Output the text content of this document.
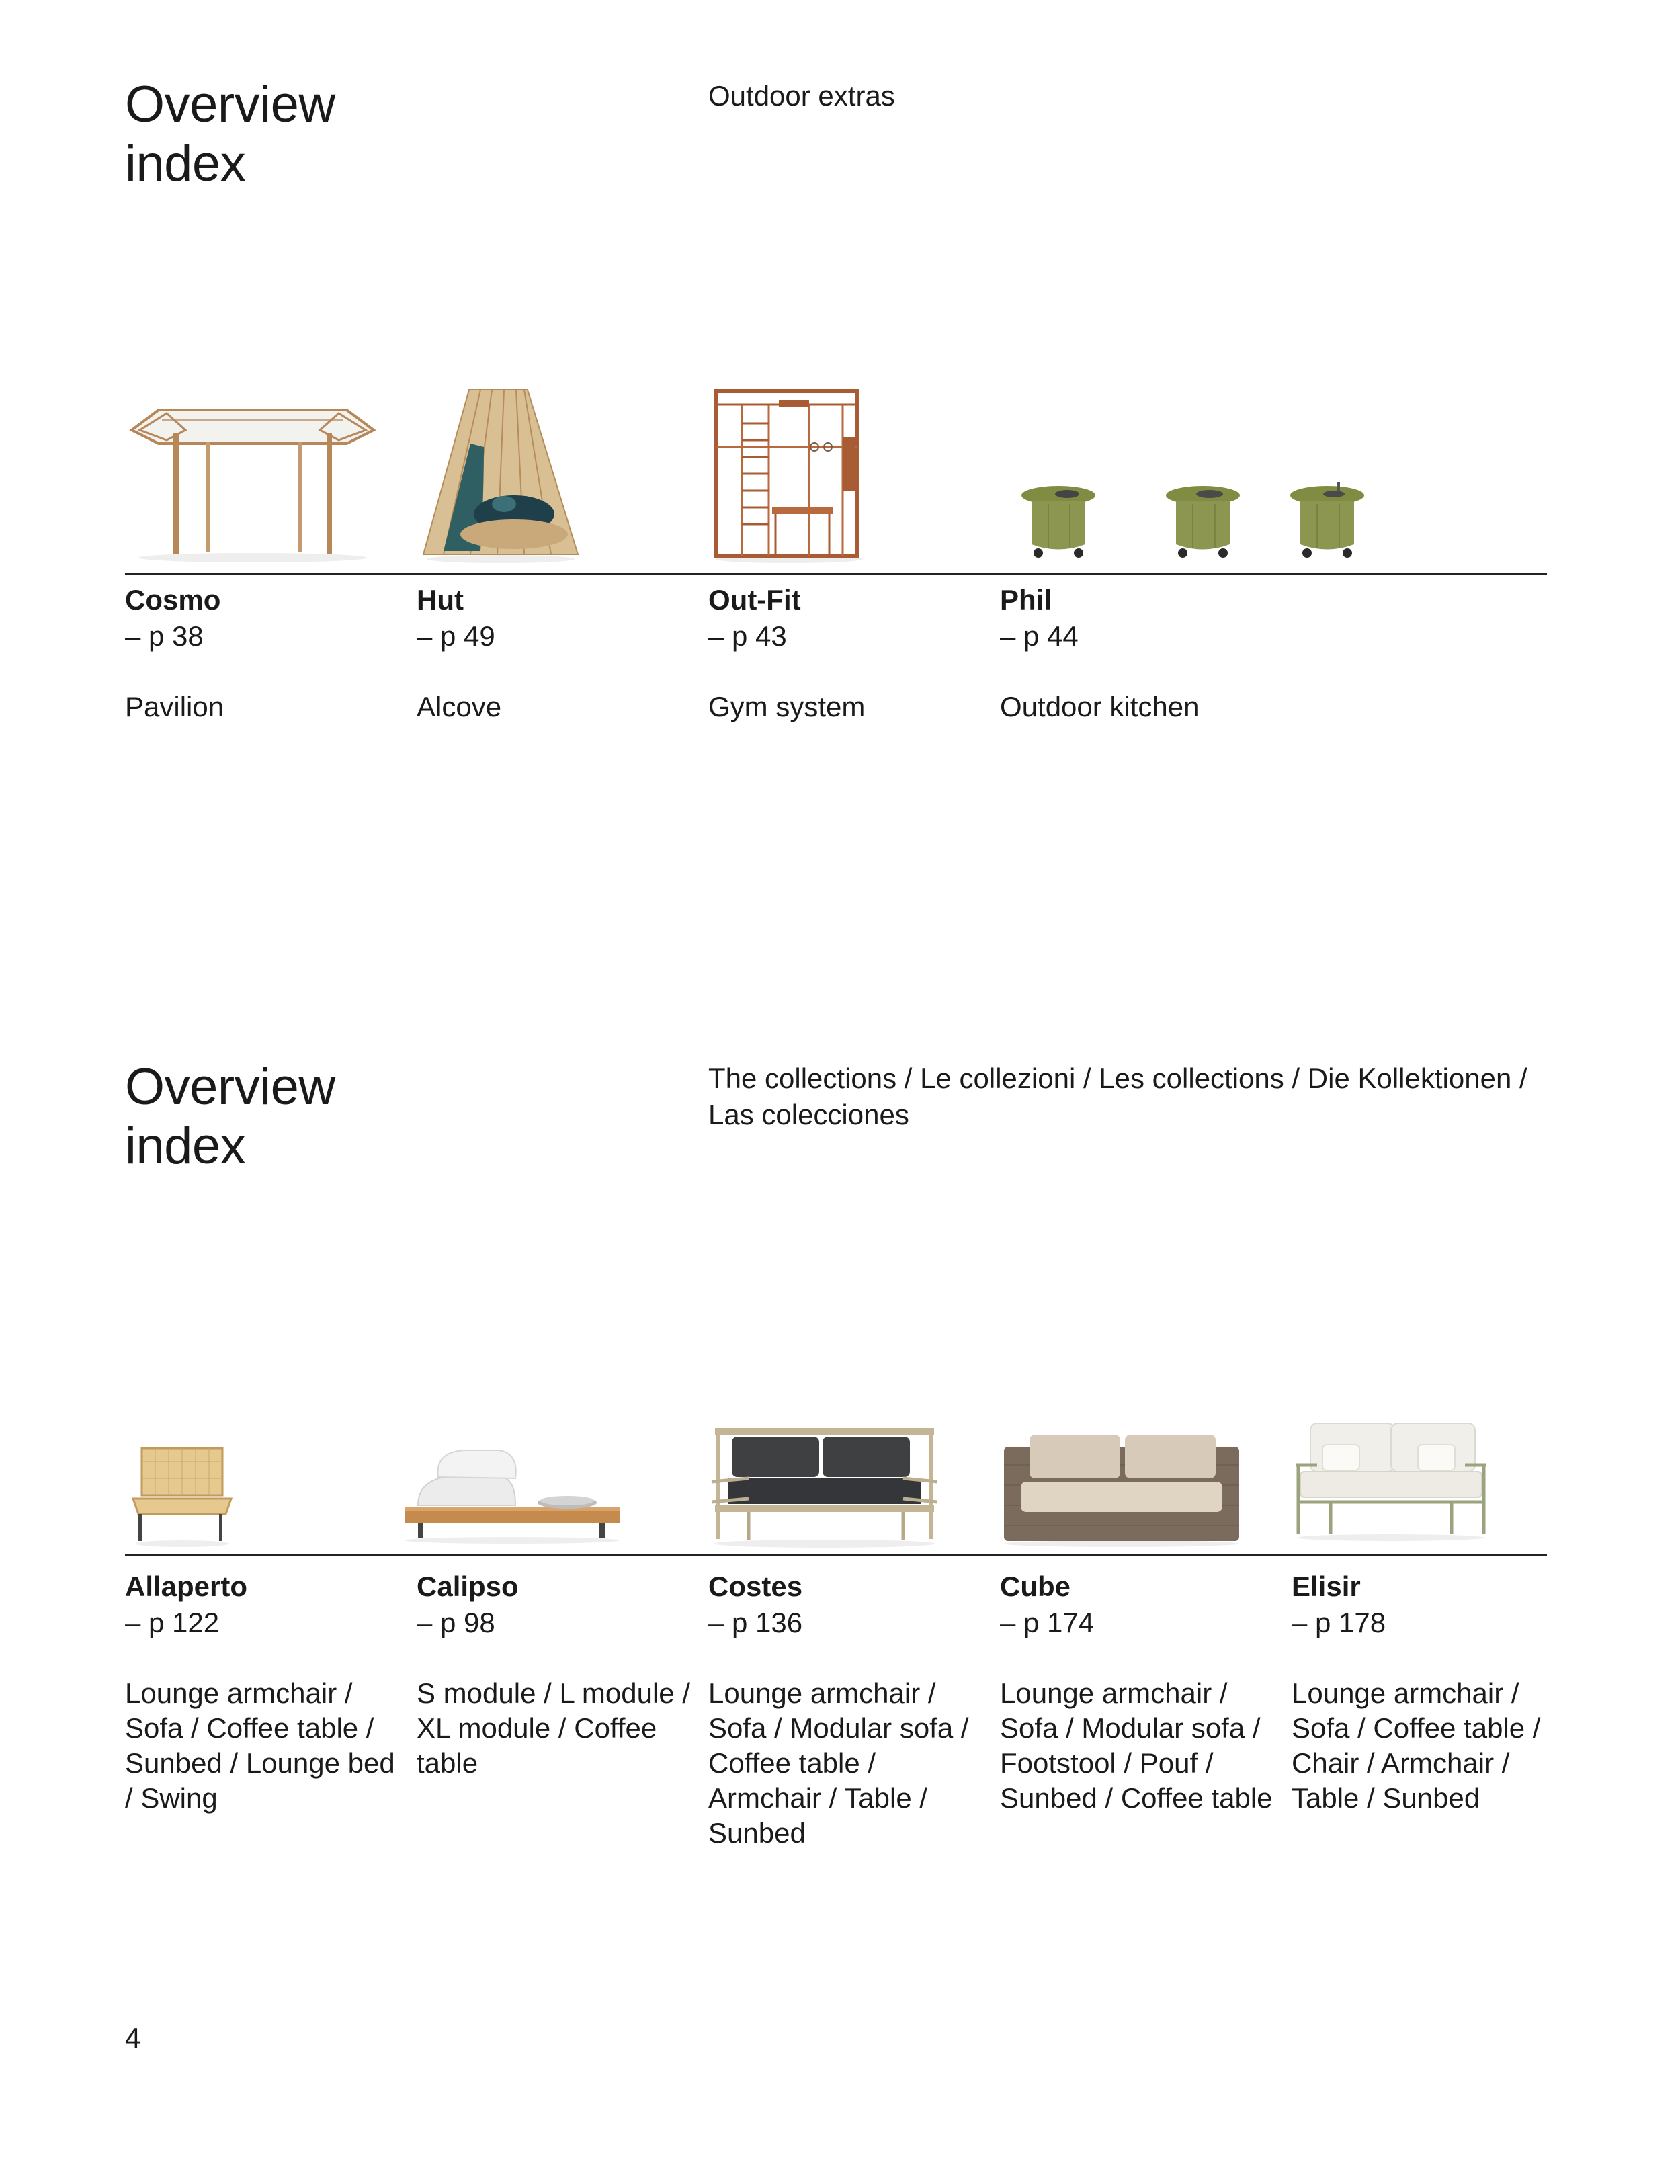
Overview
index

Outdoor extras

Cosmo

– p 38

Pavilion

Hut

– p 49

Alcove

Out-Fit

– p 43

Gym system

Phil

– p 44

Outdoor kitchen

Overview
index

The collections / Le collezioni / Les collections / Die Kollektionen / Las colecciones

Allaperto

– p 122

Lounge armchair / Sofa / Coffee table / Sunbed / Lounge bed / Swing

Calipso

– p 98

S module / L module / XL module / Coffee table

Costes

– p 136

Lounge armchair / Sofa / Modular sofa / Coffee table / Armchair / Table / Sunbed

Cube

– p 174

Lounge armchair / Sofa / Modular sofa / Footstool / Pouf / Sunbed / Coffee table

Elisir

– p 178

Lounge armchair / Sofa / Coffee table / Chair / Armchair / Table / Sunbed

4
